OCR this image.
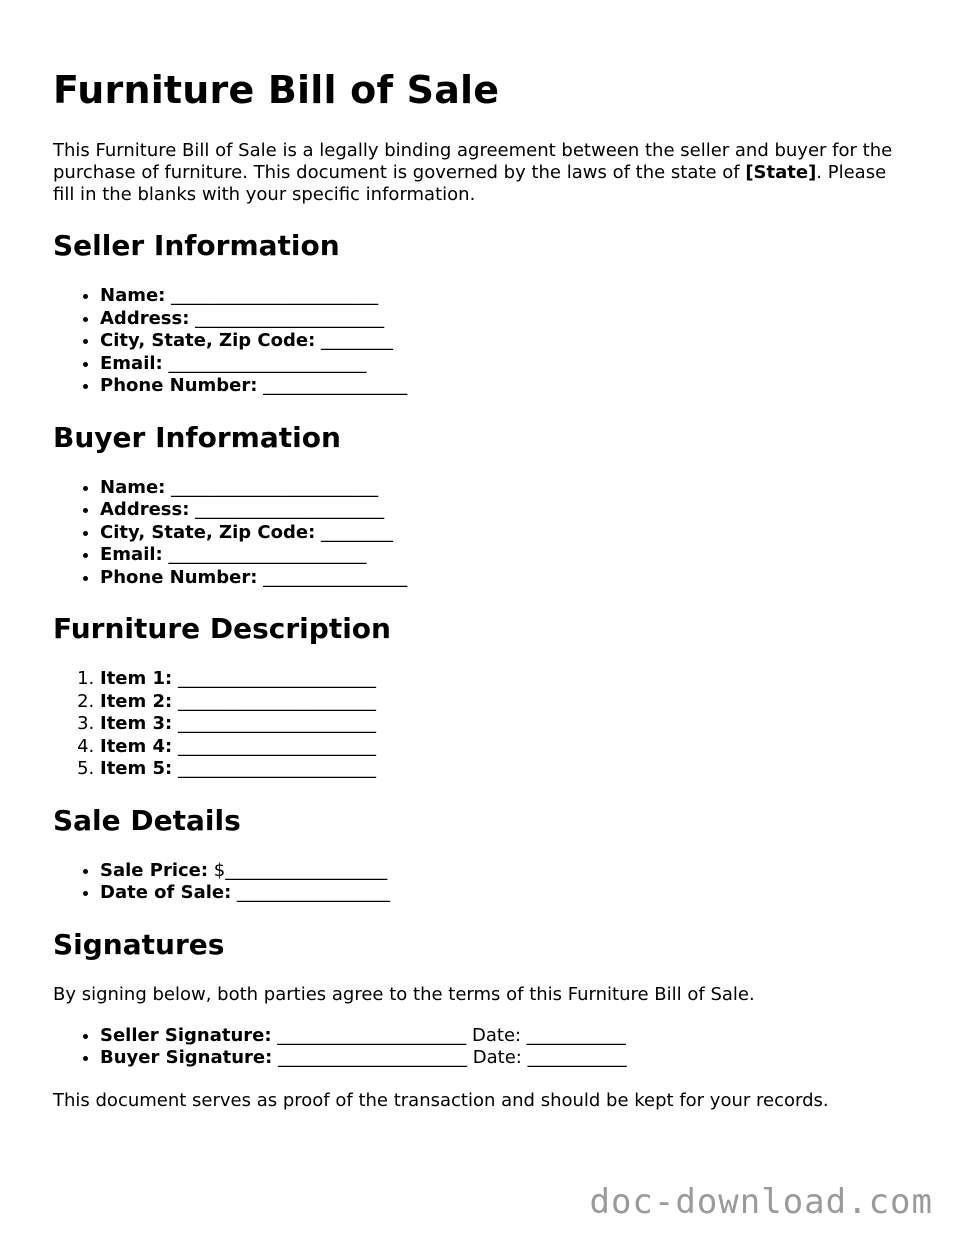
Furniture Bill of Sale

This Furniture Bill of Sale is a legally binding agreement between the seller and buyer for the purchase of furniture. This document is governed by the laws of the state of [State]. Please fill in the blanks with your specific information.

Seller Information
• Name: _______________________
• Address: _____________________
• City, State, Zip Code: ________
• Email: ______________________
• Phone Number: ________________
Buyer Information
• Name: _______________________
• Address: _____________________
• City, State, Zip Code: ________
• Email: ______________________
• Phone Number: ________________
Furniture Description
1. Item 1: ______________________
2. Item 2: ______________________
3. Item 3: ______________________
4. Item 4: ______________________
5. Item 5: ______________________
Sale Details
• Sale Price: $__________________
• Date of Sale: _________________
Signatures

By signing below, both parties agree to the terms of this Furniture Bill of Sale.

• Seller Signature: _____________________ Date: ___________
• Buyer Signature: _____________________ Date: ___________

This document serves as proof of the transaction and should be kept for your records.

doc-download.com
